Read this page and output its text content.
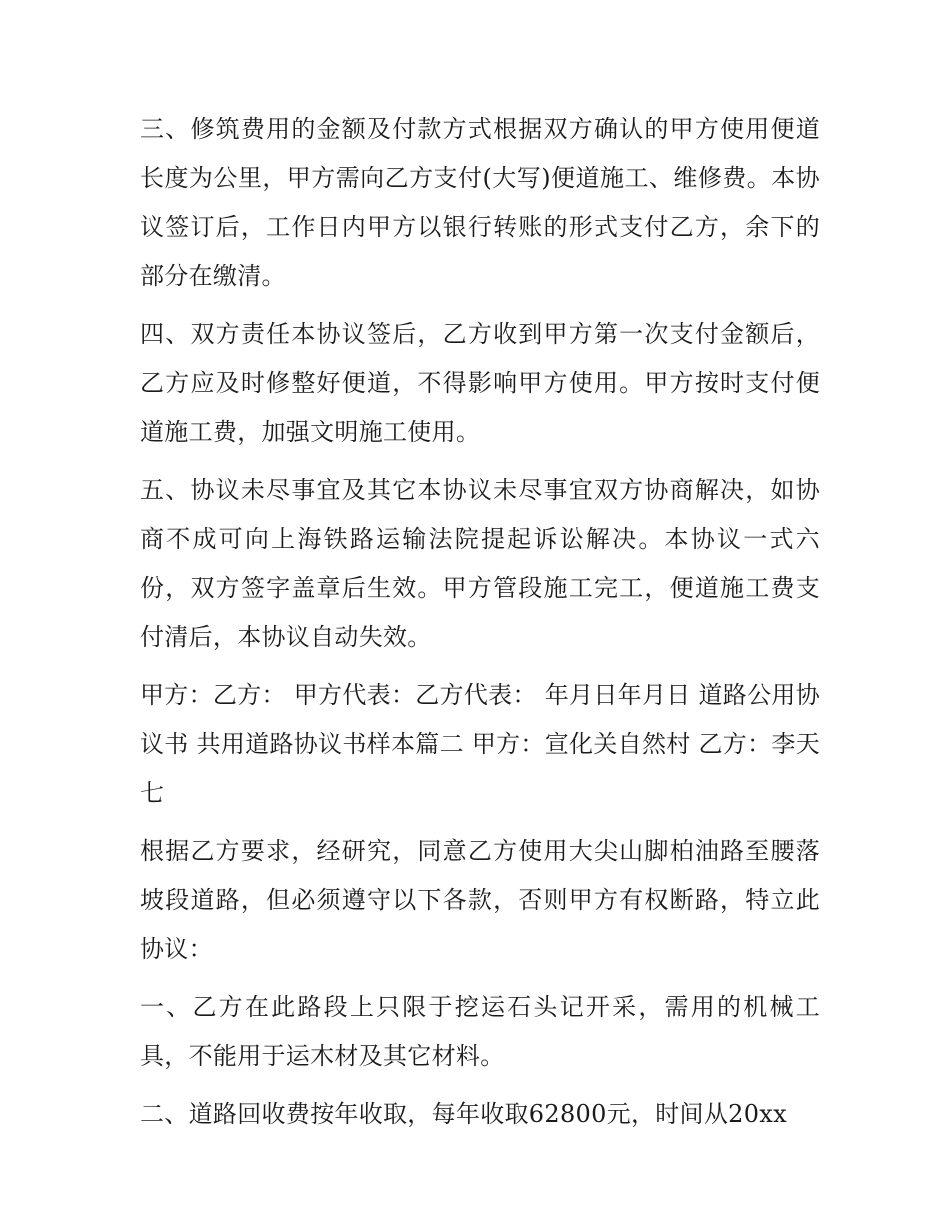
三、修筑费用的金额及付款方式根据双方确认的甲方使用便道长度为公里，甲方需向乙方支付(大写)便道施工、维修费。本协议签订后，工作日内甲方以银行转账的形式支付乙方，余下的部分在缴清。

四、双方责任本协议签后，乙方收到甲方第一次支付金额后，乙方应及时修整好便道，不得影响甲方使用。甲方按时支付便道施工费，加强文明施工使用。

五、协议未尽事宜及其它本协议未尽事宜双方协商解决，如协商不成可向上海铁路运输法院提起诉讼解决。本协议一式六份，双方签字盖章后生效。甲方管段施工完工，便道施工费支付清后，本协议自动失效。

甲方：乙方： 甲方代表：乙方代表： 年月日年月日 道路公用协议书 共用道路协议书样本篇二 甲方：宣化关自然村 乙方：李天七

根据乙方要求，经研究，同意乙方使用大尖山脚柏油路至腰落坡段道路，但必须遵守以下各款，否则甲方有权断路，特立此协议：

一、乙方在此路段上只限于挖运石头记开采，需用的机械工具，不能用于运木材及其它材料。

二、道路回收费按年收取，每年收取62800元，时间从20xx
